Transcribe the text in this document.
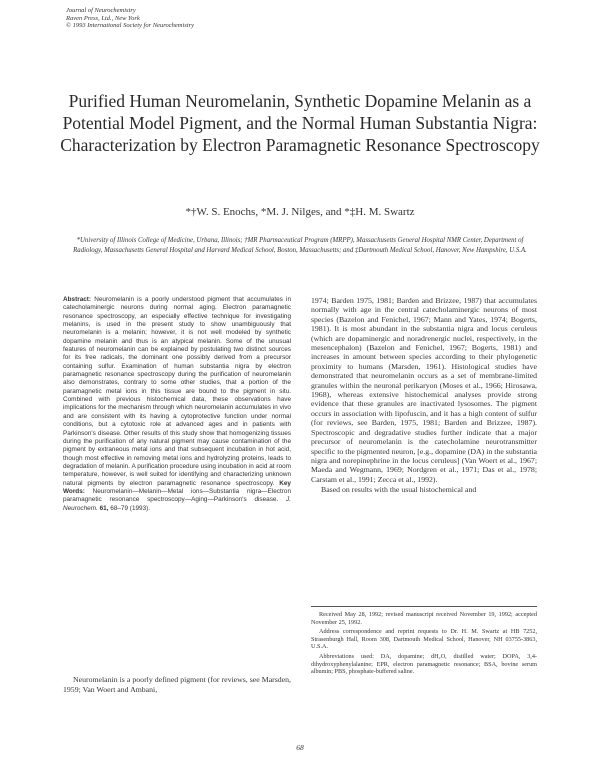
Journal of Neurochemistry
Raven Press, Ltd., New York
© 1993 International Society for Neurochemistry
Purified Human Neuromelanin, Synthetic Dopamine Melanin as a Potential Model Pigment, and the Normal Human Substantia Nigra: Characterization by Electron Paramagnetic Resonance Spectroscopy
*†W. S. Enochs, *M. J. Nilges, and *‡H. M. Swartz
*University of Illinois College of Medicine, Urbana, Illinois; †MR Pharmaceutical Program (MRPP), Massachusetts General Hospital NMR Center, Department of Radiology, Massachusetts General Hospital and Harvard Medical School, Boston, Massachusetts; and ‡Dartmouth Medical School, Hanover, New Hampshire, U.S.A.
Abstract: Neuromelanin is a poorly understood pigment that accumulates in catecholaminergic neurons during normal aging. Electron paramagnetic resonance spectroscopy, an especially effective technique for investigating melanins, is used in the present study to show unambiguously that neuromelanin is a melanin; however, it is not well modeled by synthetic dopamine melanin and thus is an atypical melanin. Some of the unusual features of neuromelanin can be explained by postulating two distinct sources for its free radicals, the dominant one possibly derived from a precursor containing sulfur. Examination of human substantia nigra by electron paramagnetic resonance spectroscopy during the purification of neuromelanin also demonstrates, contrary to some other studies, that a portion of the paramagnetic metal ions in this tissue are bound to the pigment in situ. Combined with previous histochemical data, these observations have implications for the mechanism through which neuromelanin accumulates in vivo and are consistent with its having a cytoprotective function under normal conditions, but a cytotoxic role at advanced ages and in patients with Parkinson's disease. Other results of this study show that homogenizing tissues during the purification of any natural pigment may cause contamination of the pigment by extraneous metal ions and that subsequent incubation in hot acid, though most effective in removing metal ions and hydrolyzing proteins, leads to degradation of melanin. A purification procedure using incubation in acid at room temperature, however, is well suited for identifying and characterizing unknown natural pigments by electron paramagnetic resonance spectroscopy. Key Words: Neuromelanin—Melanin—Metal ions—Substantia nigra—Electron paramagnetic resonance spectroscopy—Aging—Parkinson's disease. J. Neurochem. 61, 68–79 (1993).
Neuromelanin is a poorly defined pigment (for reviews, see Marsden, 1959; Van Woert and Ambani,

1974; Barden 1975, 1981; Barden and Brizzee, 1987) that accumulates normally with age in the central catecholaminergic neurons of most species (Bazelon and Fenichel, 1967; Mann and Yates, 1974; Bogerts, 1981). It is most abundant in the substantia nigra and locus ceruleus (which are dopaminergic and noradrenergic nuclei, respectively, in the mesencephalon) (Bazelon and Fenichel, 1967; Bogerts, 1981) and increases in amount between species according to their phylogenetic proximity to humans (Marsden, 1961). Histological studies have demonstrated that neuromelanin occurs as a set of membrane-limited granules within the neuronal perikaryon (Moses et al., 1966; Hirosawa, 1968), whereas extensive histochemical analyses provide strong evidence that these granules are inactivated lysosomes. The pigment occurs in association with lipofuscin, and it has a high content of sulfur (for reviews, see Barden, 1975, 1981; Barden and Brizzee, 1987). Spectroscopic and degradative studies further indicate that a major precursor of neuromelanin is the catecholamine neurotransmitter specific to the pigmented neuron, [e.g., dopamine (DA) in the substantia nigra and norepinephrine in the locus ceruleus] (Van Woert et al., 1967; Maeda and Wegmann, 1969; Nordgren et al., 1971; Das et al., 1978; Carstam et al., 1991; Zecca et al., 1992).

Based on results with the usual histochemical and

Received May 28, 1992; revised manuscript received November 19, 1992; accepted November 25, 1992.

Address correspondence and reprint requests to Dr. H. M. Swartz at HB 7252, Strasenburgh Hall, Room 308, Dartmouth Medical School, Hanover, NH 03755-3863, U.S.A.

Abbreviations used: DA, dopamine; dH₂O, distilled water; DOPA, 3,4-dihydroxyphenylalanine; EPR, electron paramagnetic resonance; BSA, bovine serum albumin; PBS, phosphate-buffered saline.

68
